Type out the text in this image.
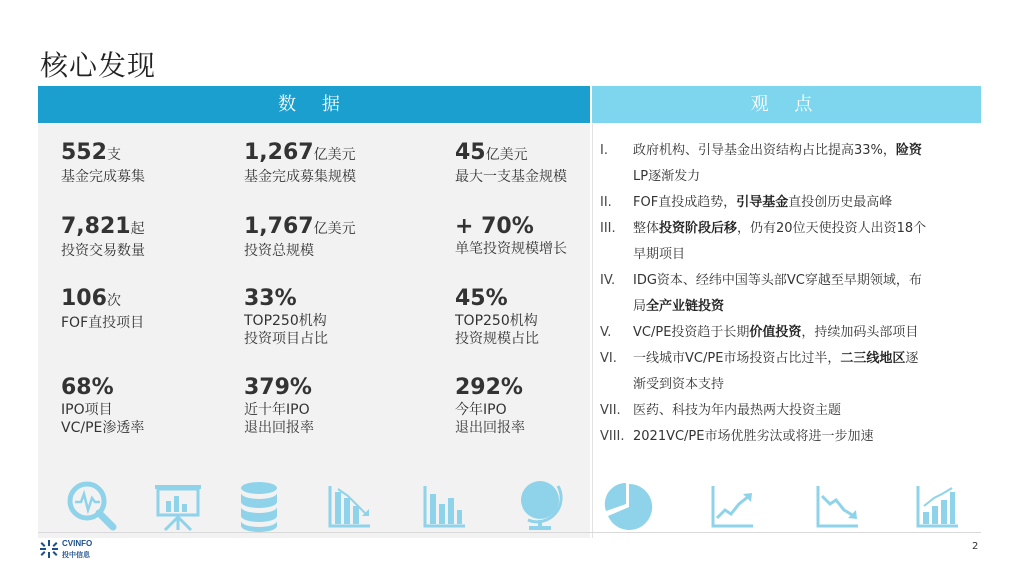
核心发现
数 据	观 点
552支
基金完成募集
1,267亿美元
基金完成募集规模
45亿美元
最大一支基金规模
7,821起
投资交易数量
1,767亿美元
投资总规模
+ 70%
单笔投资规模增长
106次
FOF直投项目
33%
TOP250机构
投资项目占比
45%
TOP250机构
投资规模占比
68%
IPO项目
VC/PE渗透率
379%
近十年IPO
退出回报率
292%
今年IPO
退出回报率
I.	政府机构、引导基金出资结构占比提高33%，险资
LP逐渐发力
II.	FOF直投成趋势，引导基金直投创历史最高峰
III.	整体投资阶段后移，仍有20位天使投资人出资18个
早期项目
IV.	IDG资本、经纬中国等头部VC穿越至早期领域，布
局全产业链投资
V.	VC/PE投资趋于长期价值投资，持续加码头部项目
VI.	一线城市VC/PE市场投资占比过半，二三线地区逐
渐受到资本支持
VII. 医药、科技为年内最热两大投资主题
VIII. 2021VC/PE市场优胜劣汰或将进一步加速
CVINFO
投中信息
2
